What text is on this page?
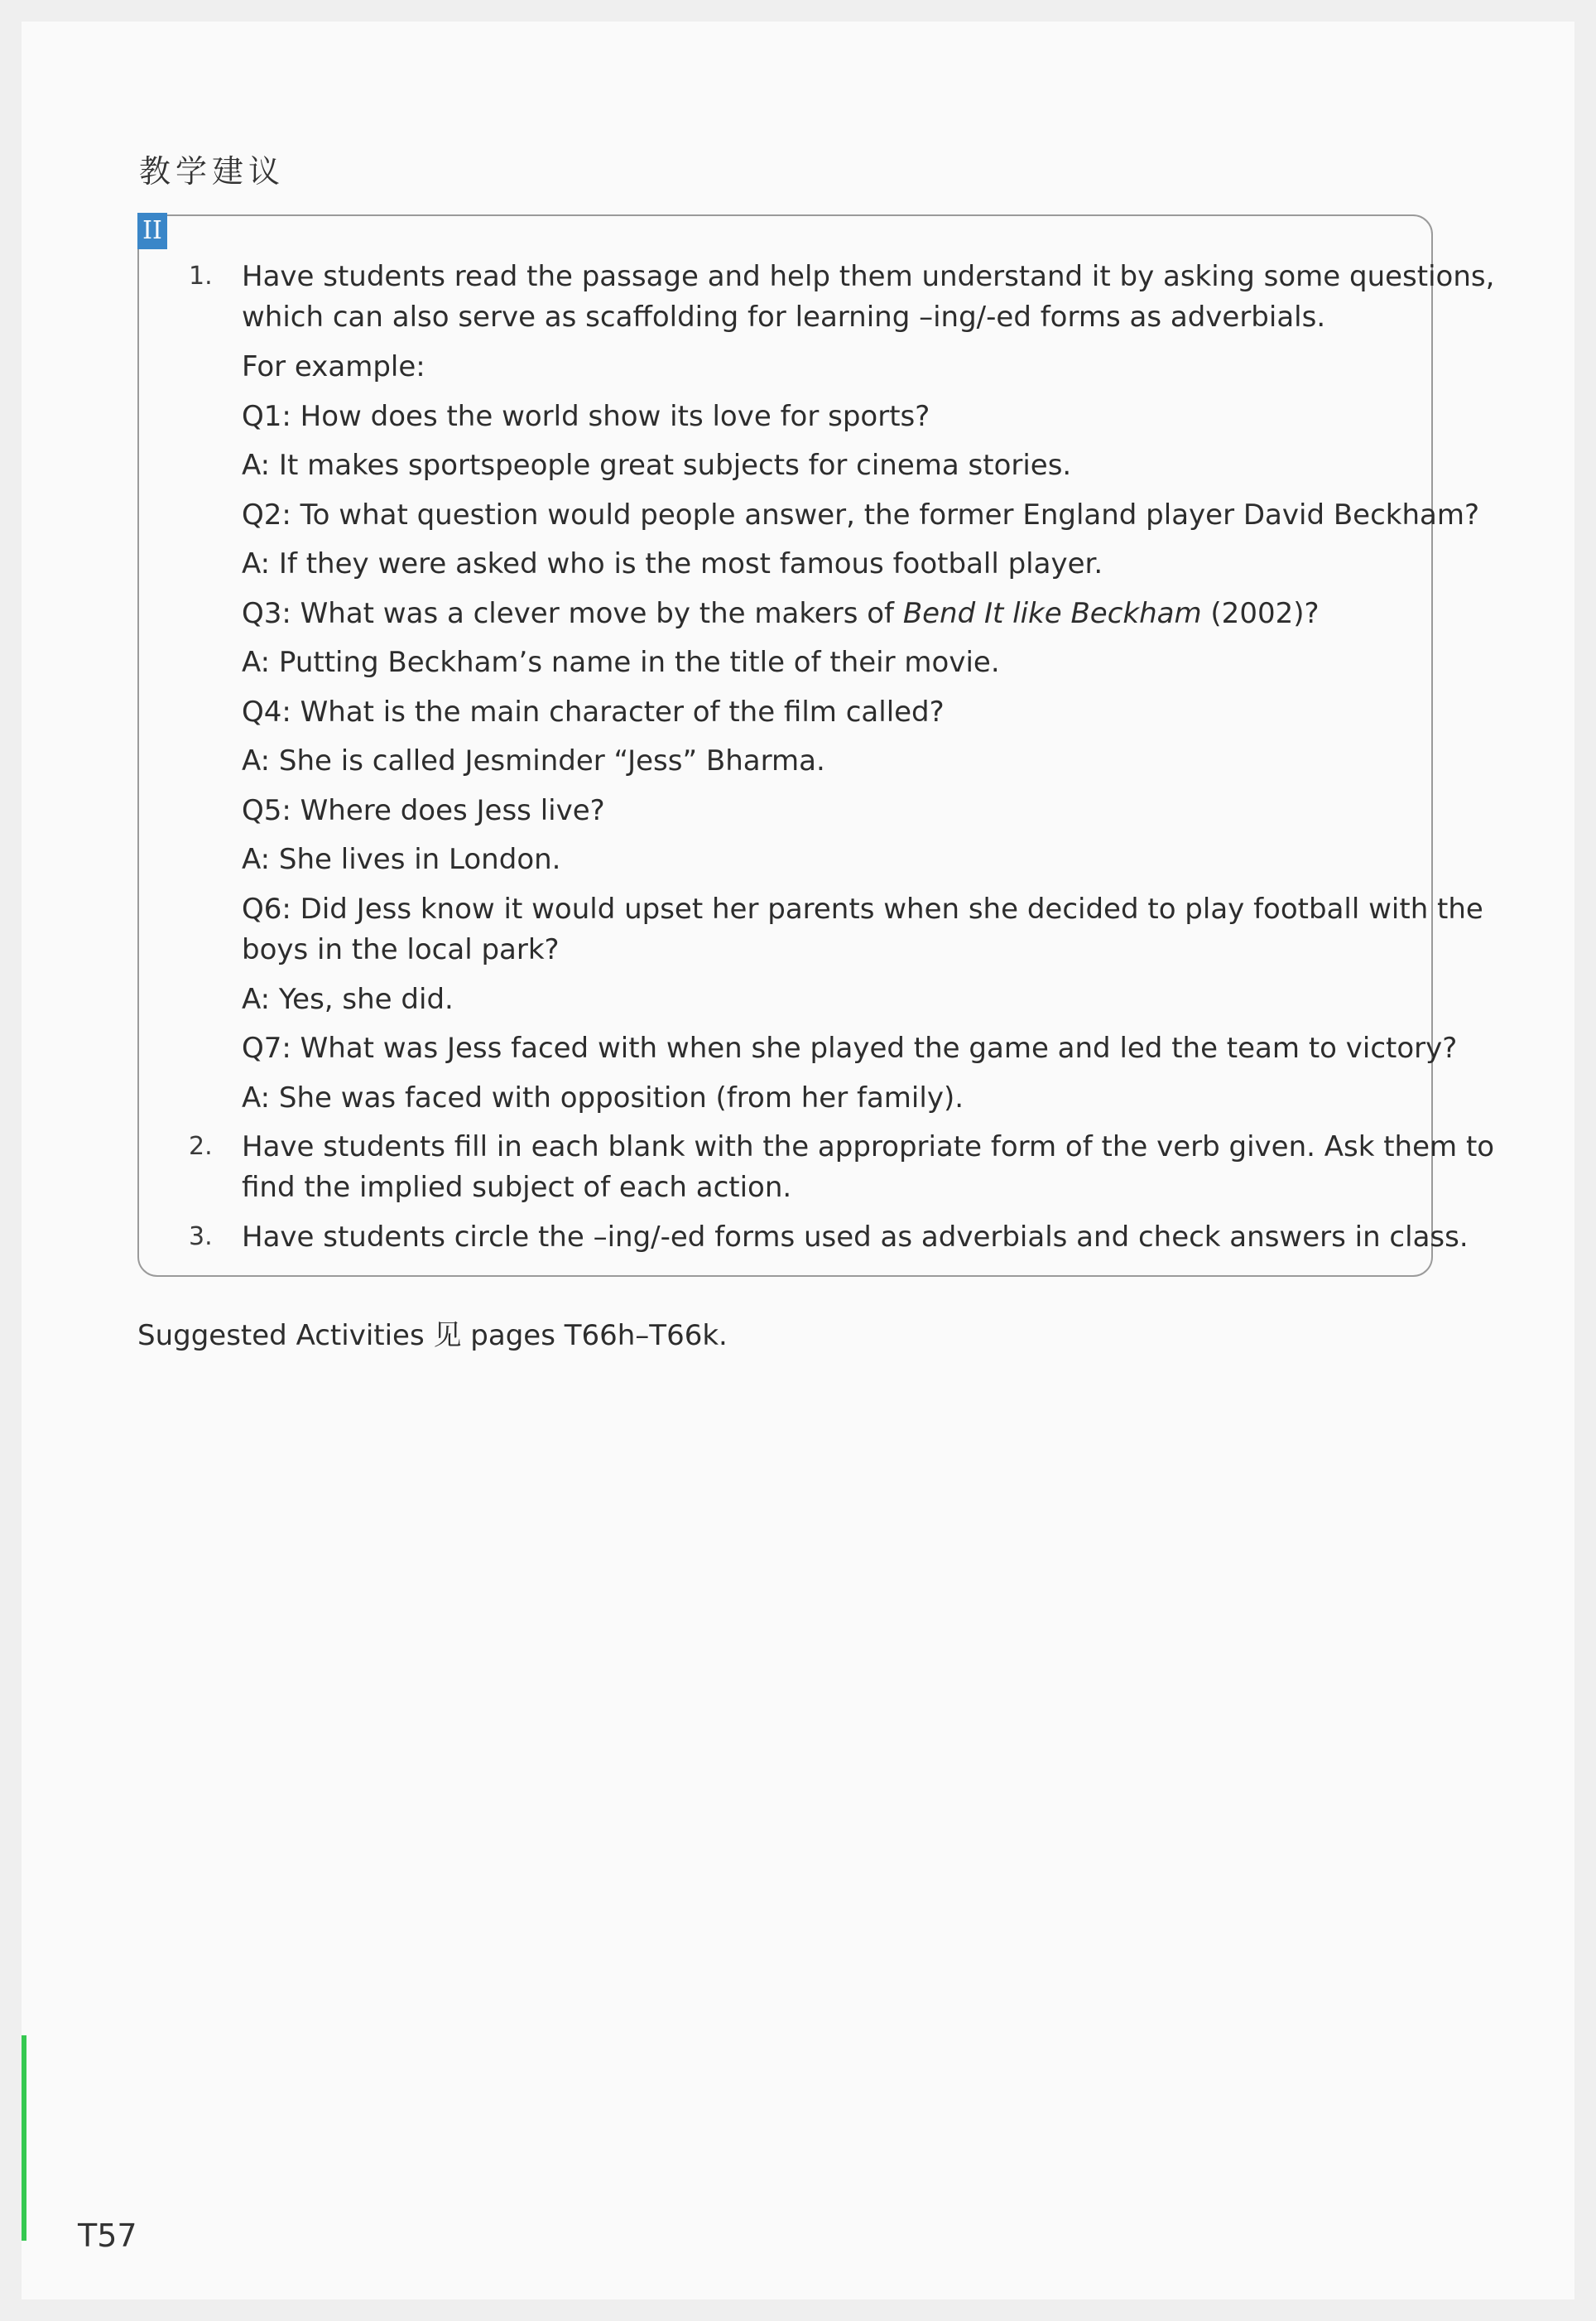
教学建议
II
1. Have students read the passage and help them understand it by asking some questions,
which can also serve as scaffolding for learning –ing/-ed forms as adverbials.
For example:
Q1: How does the world show its love for sports?
A: It makes sportspeople great subjects for cinema stories.
Q2: To what question would people answer, the former England player David Beckham?
A: If they were asked who is the most famous football player.
Q3: What was a clever move by the makers of Bend It like Beckham (2002)?
A: Putting Beckham’s name in the title of their movie.
Q4: What is the main character of the film called?
A: She is called Jesminder “Jess” Bharma.
Q5: Where does Jess live?
A: She lives in London.
Q6: Did Jess know it would upset her parents when she decided to play football with the
boys in the local park?
A: Yes, she did.
Q7: What was Jess faced with when she played the game and led the team to victory?
A: She was faced with opposition (from her family).
2. Have students fill in each blank with the appropriate form of the verb given. Ask them to
find the implied subject of each action.
3. Have students circle the –ing/-ed forms used as adverbials and check answers in class.
Suggested Activities 见 pages T66h–T66k.
T57
